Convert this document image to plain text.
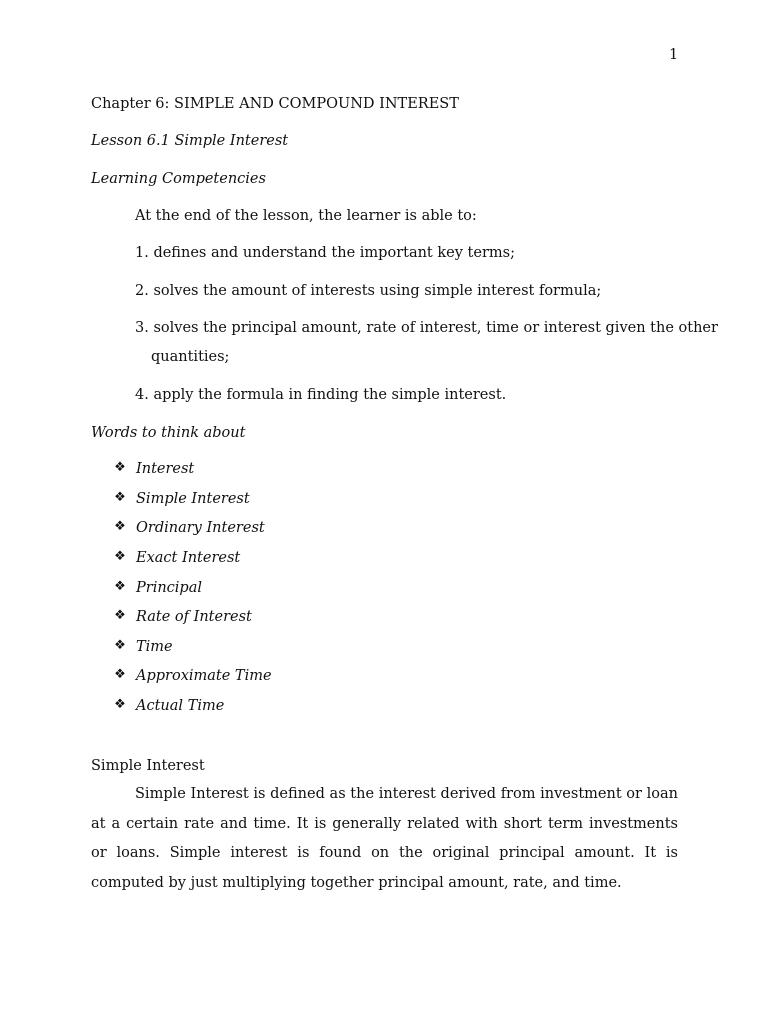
1
Chapter 6: SIMPLE AND COMPOUND INTEREST
Lesson 6.1 Simple Interest
Learning Competencies
At the end of the lesson, the learner is able to:
1. defines and understand the important key terms;
2. solves the amount of interests using simple interest formula;
3. solves the principal amount, rate of interest, time or interest given the other
quantities;
4. apply the formula in finding the simple interest.
Words to think about
❖ Interest
❖ Simple Interest
❖ Ordinary Interest
❖ Exact Interest
❖ Principal
❖ Rate of Interest
❖ Time
❖ Approximate Time
❖ Actual Time
Simple Interest
Simple Interest is defined as the interest derived from investment or loan at a certain rate and time. It is generally related with short term investments or loans. Simple interest is found on the original principal amount. It is computed by just multiplying together principal amount, rate, and time.
